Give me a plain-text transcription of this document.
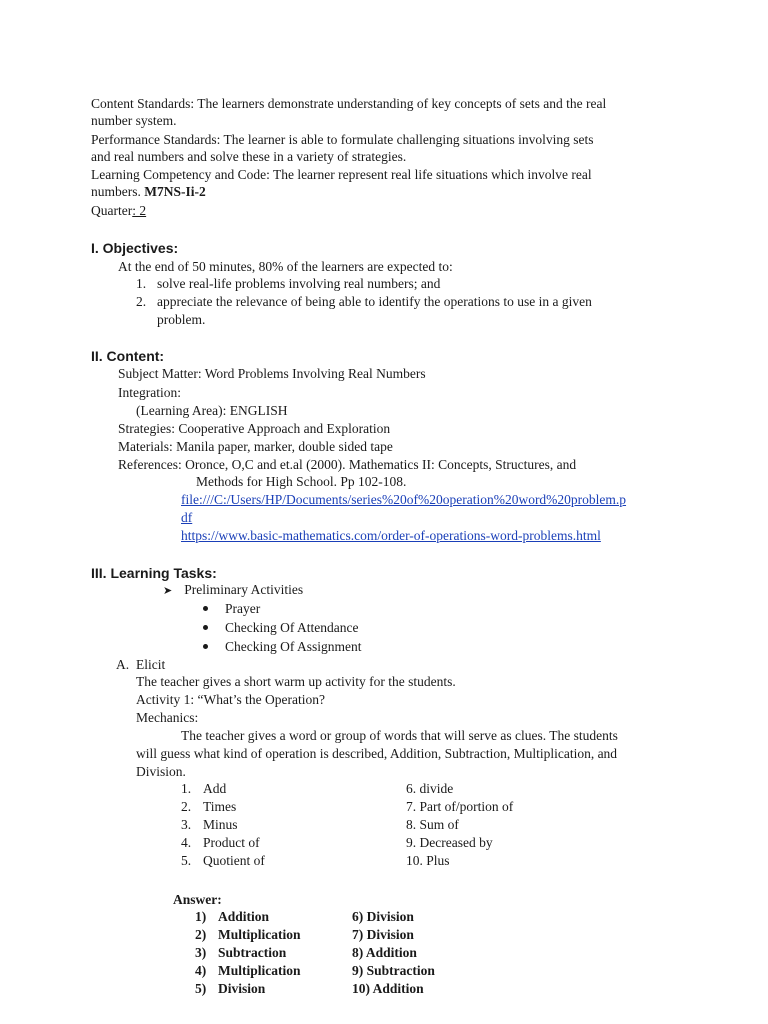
Content Standards: The learners demonstrate understanding of key concepts of sets and the real
number system.
Performance Standards: The learner is able to formulate challenging situations involving sets
and real numbers and solve these in a variety of strategies.
Learning Competency and Code: The learner represent real life situations which involve real
numbers. M7NS-Ii-2
Quarter: 2
I. Objectives:
At the end of 50 minutes, 80% of the learners are expected to:
1. solve real-life problems involving real numbers; and
2. appreciate the relevance of being able to identify the operations to use in a given
problem.
II. Content:
Subject Matter: Word Problems Involving Real Numbers
Integration:
(Learning Area): ENGLISH
Strategies: Cooperative Approach and Exploration
Materials: Manila paper, marker, double sided tape
References: Oronce, O,C and et.al (2000). Mathematics II: Concepts, Structures, and
Methods for High School. Pp 102-108.
file:///C:/Users/HP/Documents/series%20of%20operation%20word%20problem.p
df
https://www.basic-mathematics.com/order-of-operations-word-problems.html
III. Learning Tasks:
➤ Preliminary Activities
Prayer
Checking Of Attendance
Checking Of Assignment
A. Elicit
The teacher gives a short warm up activity for the students.
Activity 1: “What’s the Operation?
Mechanics:
The teacher gives a word or group of words that will serve as clues. The students
will guess what kind of operation is described, Addition, Subtraction, Multiplication, and
Division.
1. Add
2. Times
3. Minus
4. Product of
5. Quotient of
6. divide
7. Part of/portion of
8. Sum of
9. Decreased by
10. Plus
Answer:
1) Addition
2) Multiplication
3) Subtraction
4) Multiplication
5) Division
6) Division
7) Division
8) Addition
9) Subtraction
10) Addition
